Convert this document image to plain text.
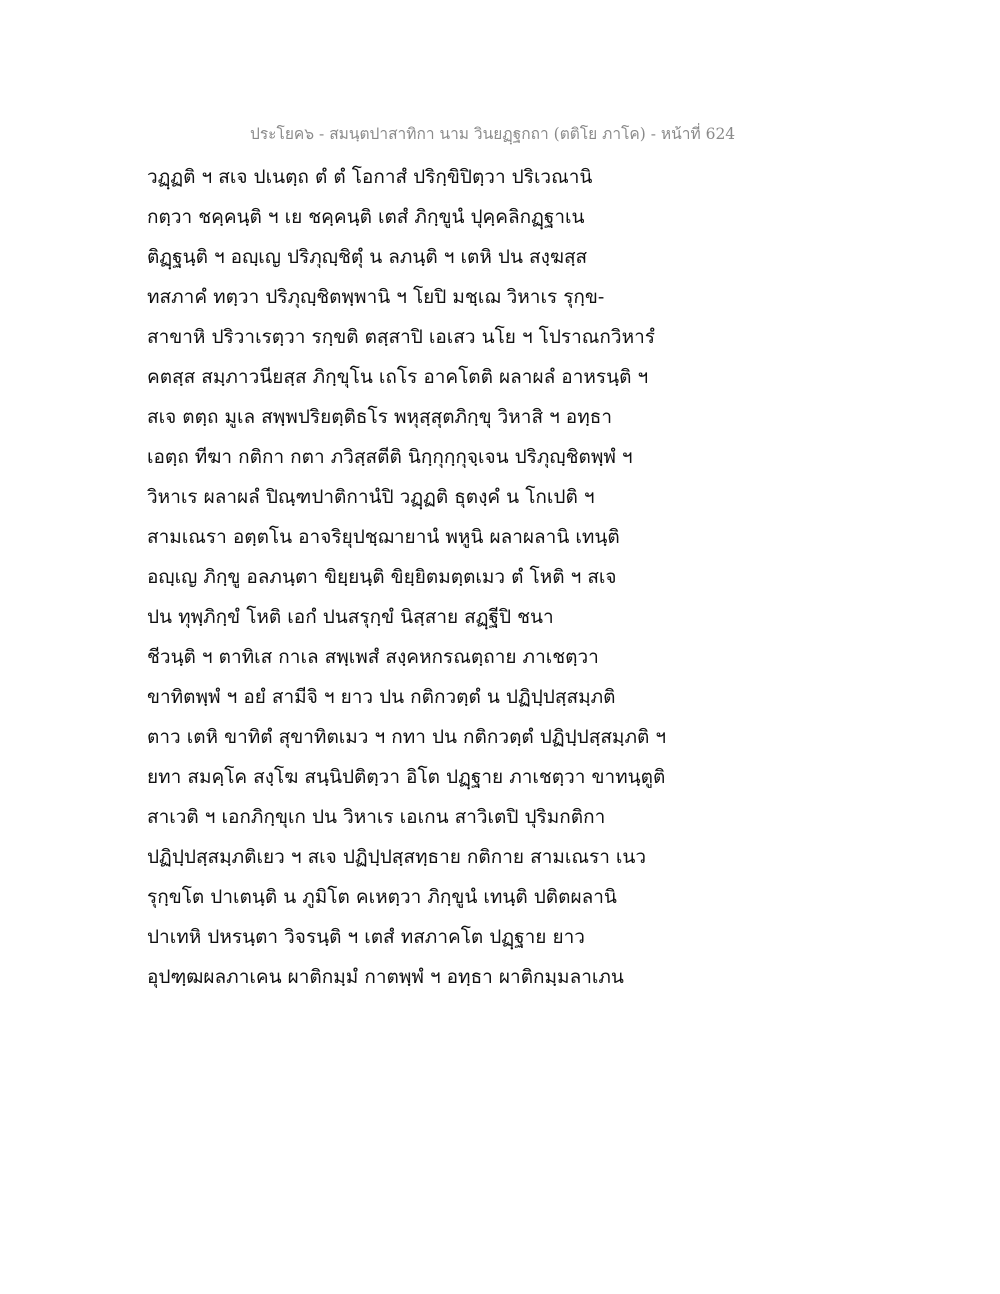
ประโยค๖ - สมนฺตปาสาทิกา นาม วินยฏฺฐกถา (ตติโย ภาโค) - หน้าที่ 624
วฏฺฏติ ฯ สเจ ปเนตฺถ ตํ ตํ โอกาสํ ปริกฺขิปิตฺวา ปริเวณานิ
กตฺวา ชคฺคนฺติ ฯ เย ชคฺคนฺติ เตสํ ภิกฺขูนํ ปุคฺคลิกฏฺฐาเน
ติฏฺฐนฺติ ฯ อญฺเญ ปริภุญฺชิตุํ น ลภนฺติ ฯ เตหิ ปน สงฺฆสฺส
ทสภาคํ ทตฺวา ปริภุญฺชิตพฺพานิ ฯ โยปิ มชฺเฌ วิหาเร รุกฺข-
สาขาหิ ปริวาเรตฺวา รกฺขติ ตสฺสาปิ เอเสว นโย ฯ โปราณกวิหารํ
คตสฺส สมฺภาวนียสฺส ภิกฺขุโน เถโร อาคโตติ ผลาผลํ อาหรนฺติ ฯ
สเจ ตตฺถ มูเล สพฺพปริยตฺติธโร พหุสฺสุตภิกฺขุ วิหาสิ ฯ อทฺธา
เอตฺถ ทีฆา กติกา กตา ภวิสฺสตีติ นิกฺกุกฺกุจฺเจน ปริภุญฺชิตพฺพํ ฯ
วิหาเร ผลาผลํ ปิณฺฑปาติกานํปิ วฏฺฏติ ธุตงฺคํ น โกเปติ ฯ
สามเณรา อตฺตโน อาจริยุปชฺฌายานํ พหูนิ ผลาผลานิ เทนฺติ
อญฺเญ ภิกฺขู อลภนฺตา ขิยฺยนฺติ ขิยฺยิตมตฺตเมว ตํ โหติ ฯ สเจ
ปน ทุพฺภิกฺขํ โหติ เอกํ ปนสรุกฺขํ นิสฺสาย สฏฺฐีปิ ชนา
ชีวนฺติ ฯ ตาทิเส กาเล สพฺเพสํ สงฺคหกรณตฺถาย ภาเชตฺวา
ขาทิตพฺพํ ฯ อยํ สามีจิ ฯ ยาว ปน กติกวตฺตํ น ปฏิปฺปสฺสมฺภติ
ตาว เตหิ ขาทิตํ สุขาทิตเมว ฯ กทา ปน กติกวตฺตํ ปฏิปฺปสฺสมฺภติ ฯ
ยทา สมคฺโค สงฺโฆ สนฺนิปติตฺวา อิโต ปฏฺฐาย ภาเชตฺวา ขาทนฺตูติ
สาเวติ ฯ เอกภิกฺขุเก ปน วิหาเร เอเกน สาวิเตปิ ปุริมกติกา
ปฏิปฺปสฺสมฺภติเยว ฯ สเจ ปฏิปฺปสฺสทฺธาย กติกาย สามเณรา เนว
รุกฺขโต ปาเตนฺติ น ภูมิโต คเหตฺวา ภิกฺขูนํ เทนฺติ ปติตผลานิ
ปาเทหิ ปหรนฺตา วิจรนฺติ ฯ เตสํ ทสภาคโต ปฏฺฐาย ยาว
อุปฑฺฒผลภาเคน ผาติกมฺมํ กาตพฺพํ ฯ อทฺธา ผาติกมฺมลาเภน
